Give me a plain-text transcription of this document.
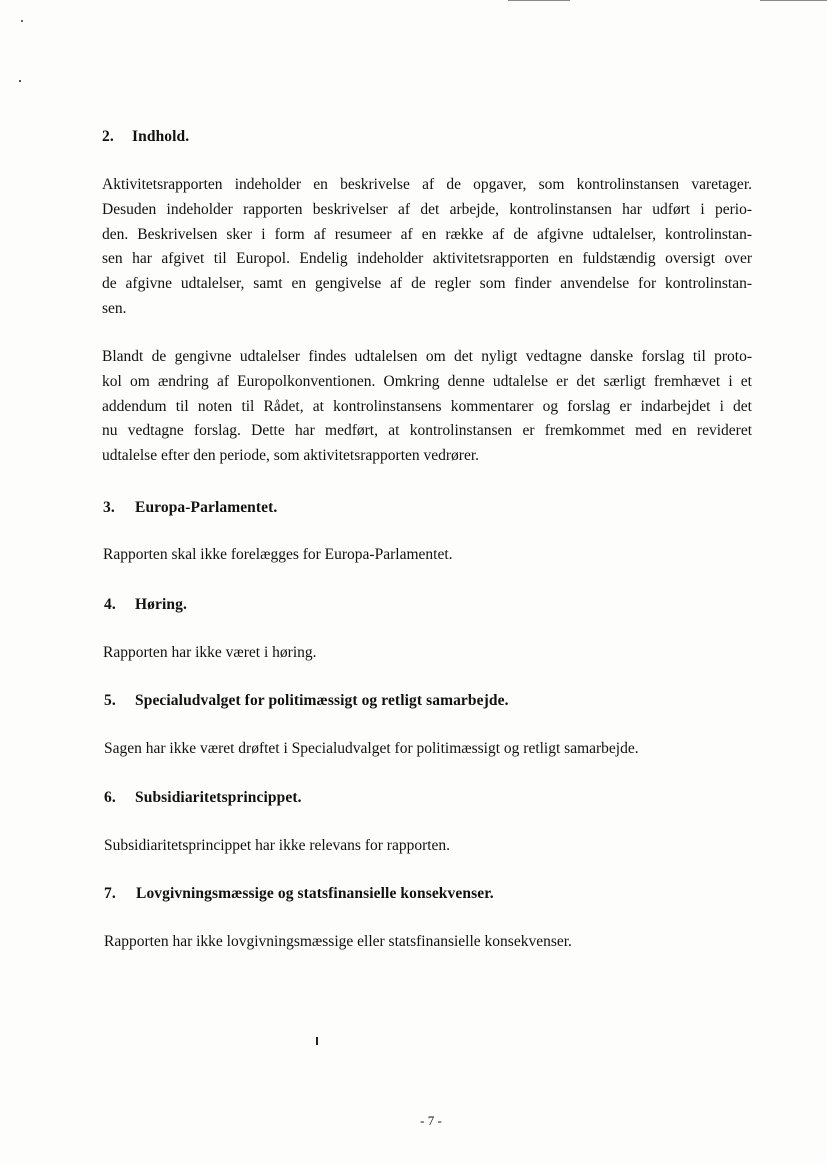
2. Indhold.
Aktivitetsrapporten indeholder en beskrivelse af de opgaver, som kontrolinstansen varetager.
Desuden indeholder rapporten beskrivelser af det arbejde, kontrolinstansen har udført i perio-
den. Beskrivelsen sker i form af resumeer af en række af de afgivne udtalelser, kontrolinstan-
sen har afgivet til Europol. Endelig indeholder aktivitetsrapporten en fuldstændig oversigt over
de afgivne udtalelser, samt en gengivelse af de regler som finder anvendelse for kontrolinstan-
sen.
Blandt de gengivne udtalelser findes udtalelsen om det nyligt vedtagne danske forslag til proto-
kol om ændring af Europolkonventionen. Omkring denne udtalelse er det særligt fremhævet i et
addendum til noten til Rådet, at kontrolinstansens kommentarer og forslag er indarbejdet i det
nu vedtagne forslag. Dette har medført, at kontrolinstansen er fremkommet med en revideret
udtalelse efter den periode, som aktivitetsrapporten vedrører.
3. Europa-Parlamentet.
Rapporten skal ikke forelægges for Europa-Parlamentet.
4. Høring.
Rapporten har ikke været i høring.
5. Specialudvalget for politimæssigt og retligt samarbejde.
Sagen har ikke været drøftet i Specialudvalget for politimæssigt og retligt samarbejde.
6. Subsidiaritetsprincippet.
Subsidiaritetsprincippet har ikke relevans for rapporten.
7. Lovgivningsmæssige og statsfinansielle konsekvenser.
Rapporten har ikke lovgivningsmæssige eller statsfinansielle konsekvenser.
- 7 -
